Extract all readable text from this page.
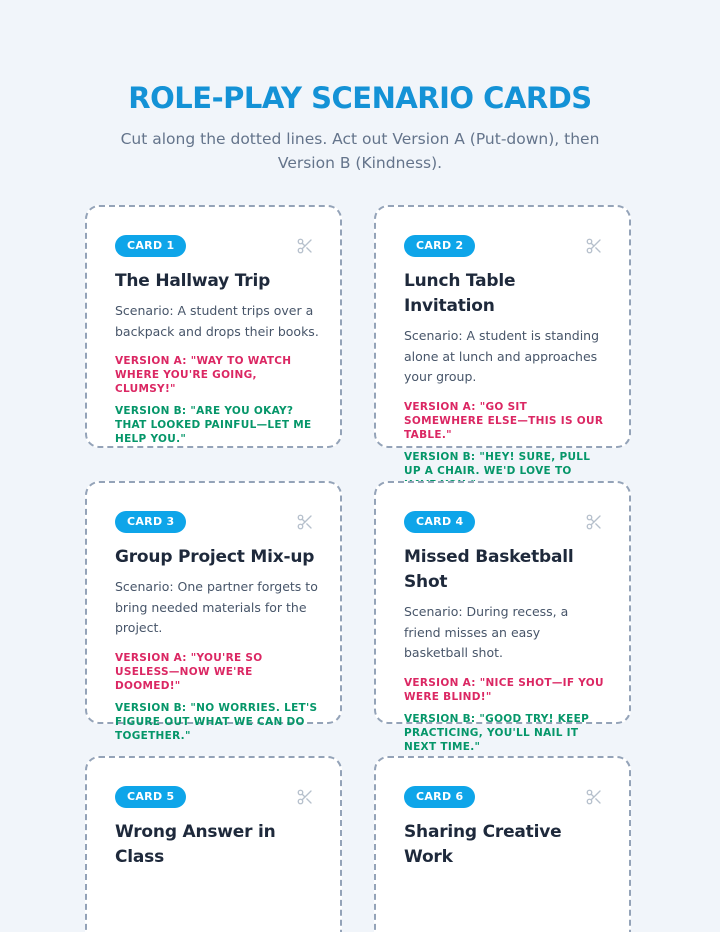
ROLE-PLAY SCENARIO CARDS

Cut along the dotted lines. Act out Version A (Put-down), then Version B (Kindness).

CARD 1
The Hallway Trip

Scenario: A student trips over a backpack and drops their books.

VERSION A: "WAY TO WATCH WHERE YOU'RE GOING, CLUMSY!"

VERSION B: "ARE YOU OKAY? THAT LOOKED PAINFUL—LET ME HELP YOU."

CARD 2
Lunch Table Invitation

Scenario: A student is standing alone at lunch and approaches your group.

VERSION A: "GO SIT SOMEWHERE ELSE—THIS IS OUR TABLE."

VERSION B: "HEY! SURE, PULL UP A CHAIR. WE'D LOVE TO

CARD 3
Group Project Mix-up

Scenario: One partner forgets to bring needed materials for the project.

VERSION A: "YOU'RE SO USELESS—NOW WE'RE DOOMED!"

VERSION B: "NO WORRIES. LET'S FIGURE OUT WHAT WE CAN DO TOGETHER."

CARD 4
Missed Basketball Shot

Scenario: During recess, a friend misses an easy basketball shot.

VERSION A: "NICE SHOT—IF YOU WERE BLIND!"

VERSION B: "GOOD TRY! KEEP PRACTICING, YOU'LL NAIL IT NEXT TIME."

CARD 5
Wrong Answer in Class
CARD 6
Sharing Creative Work
